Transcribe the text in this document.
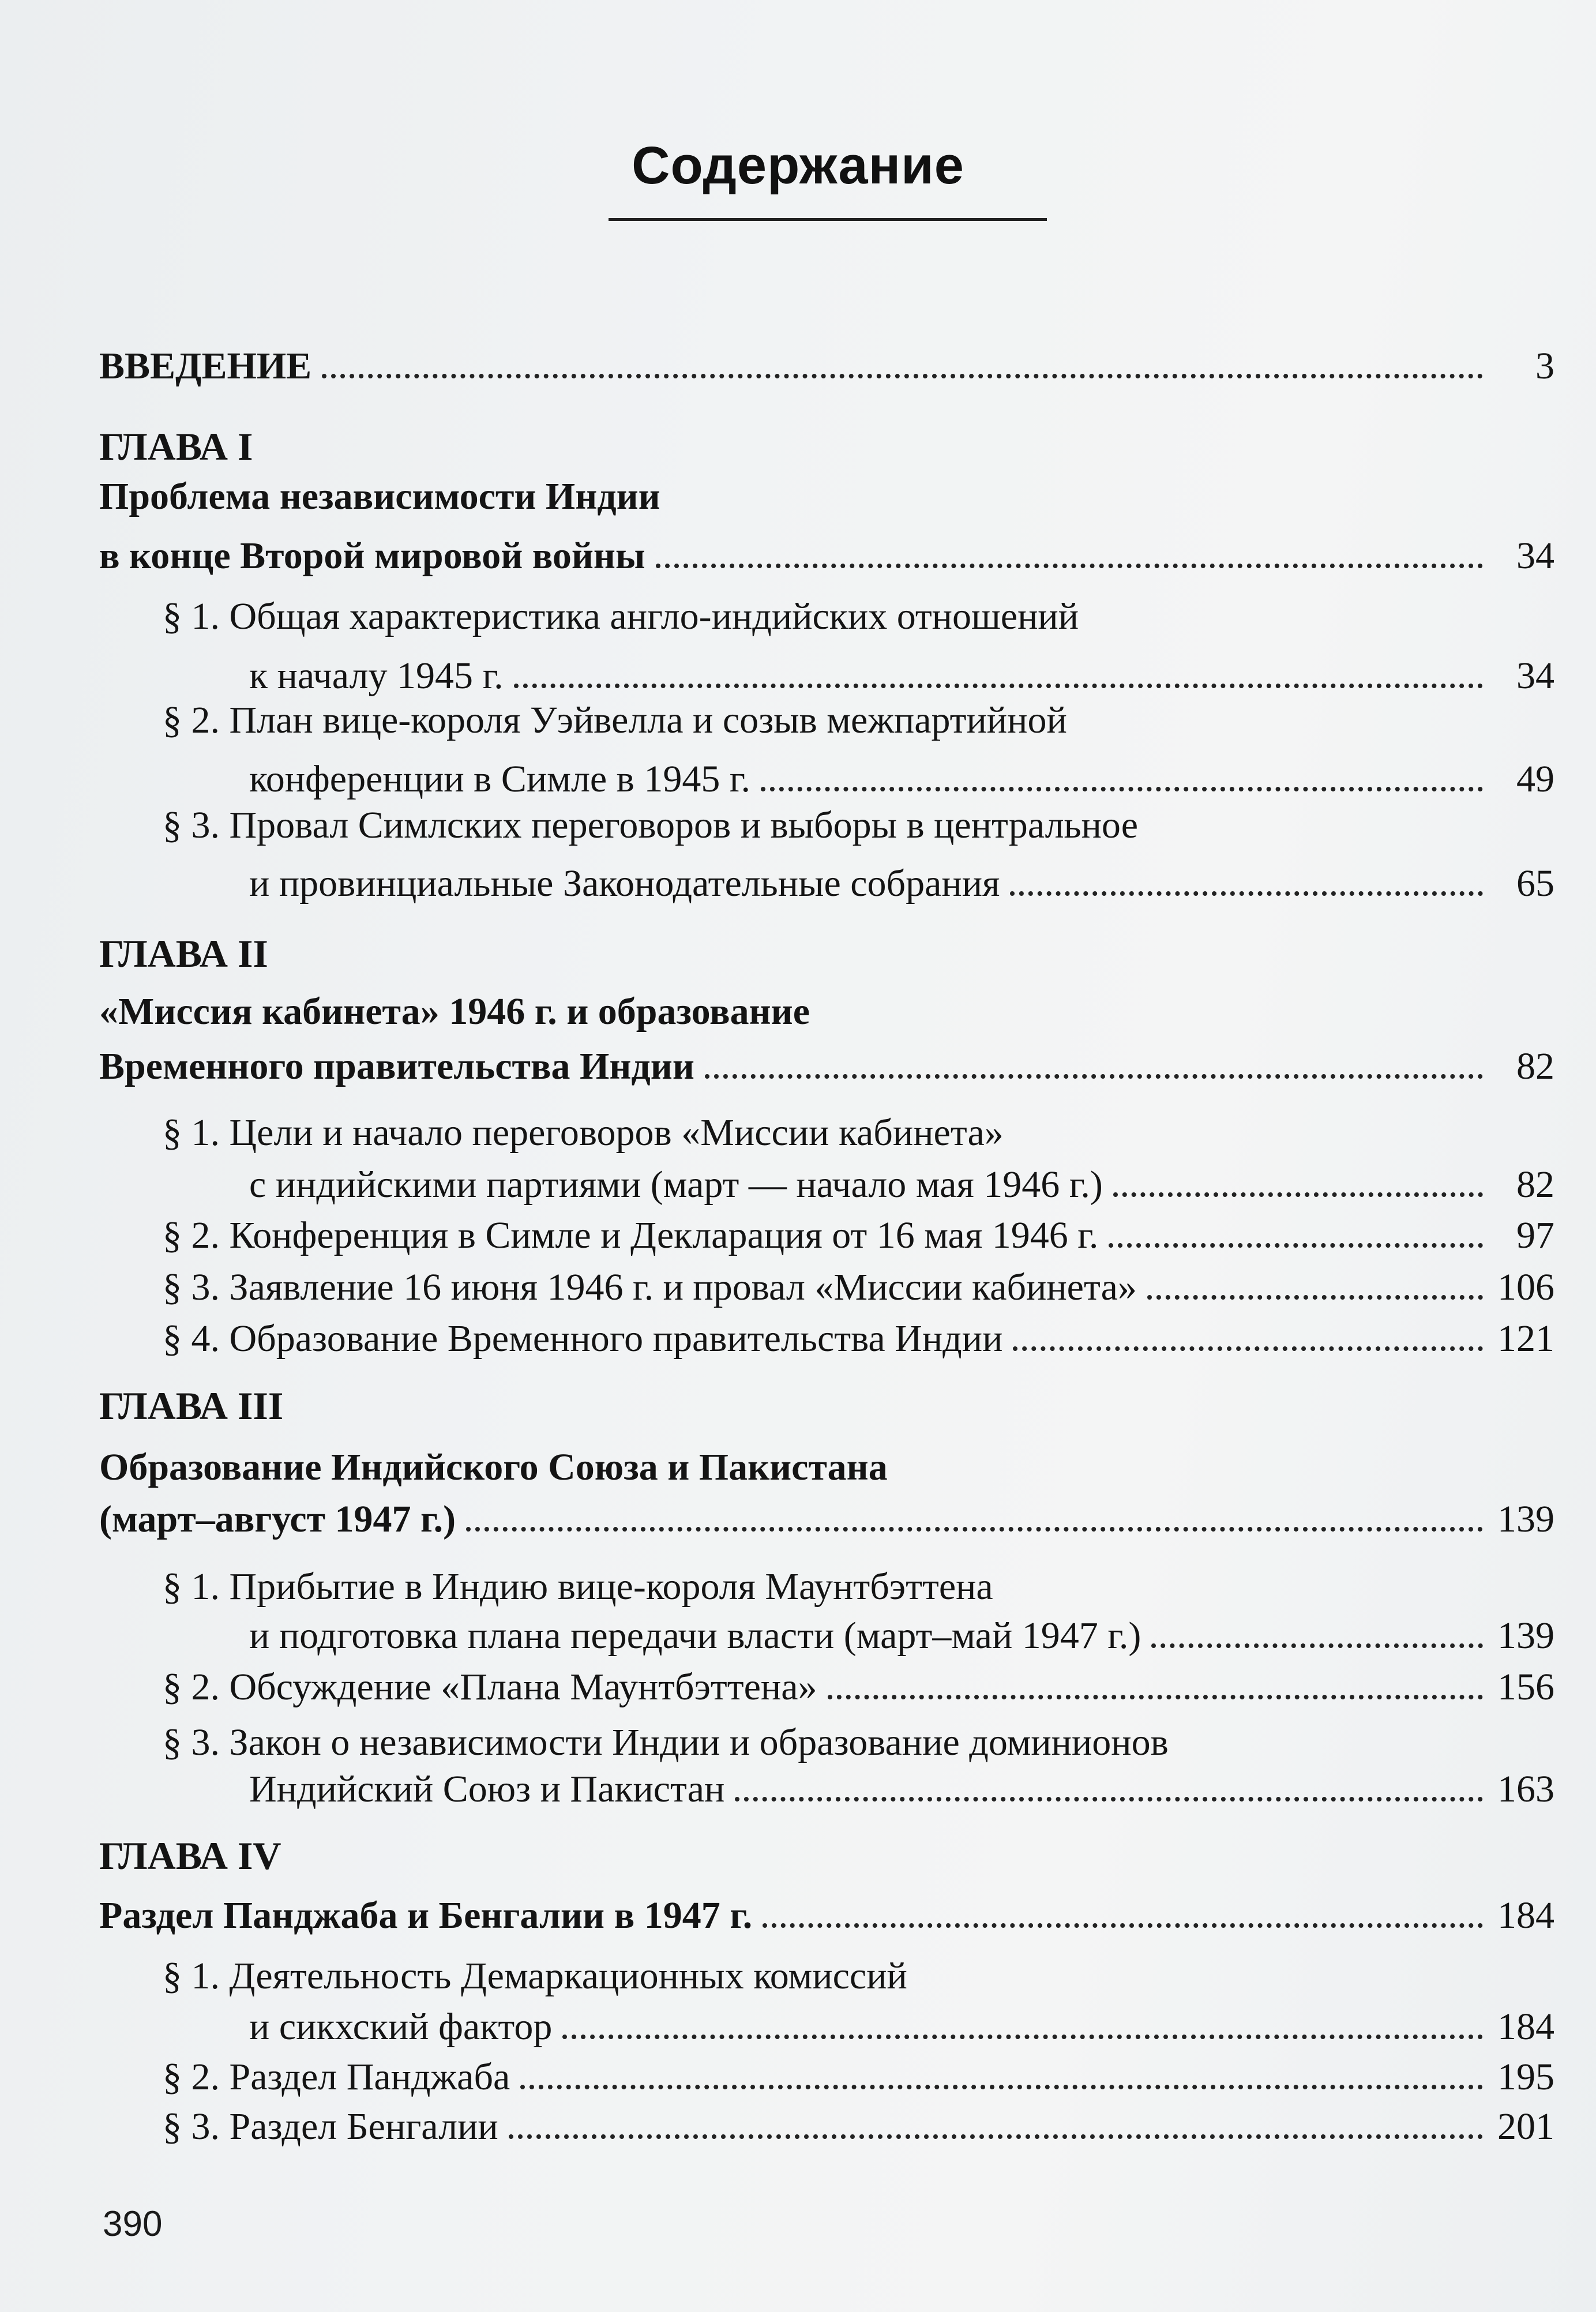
Содержание
ВВЕДЕНИЕ	3
ГЛАВА I
Проблема независимости Индии
в конце Второй мировой войны	34
§ 1. Общая характеристика англо-индийских отношений
к началу 1945 г.	34
§ 2. План вице-короля Уэйвелла и созыв межпартийной
конференции в Симле в 1945 г.	49
§ 3. Провал Симлских переговоров и выборы в центральное
и провинциальные Законодательные собрания	65
ГЛАВА II
«Миссия кабинета» 1946 г. и образование
Временного правительства Индии	82
§ 1. Цели и начало переговоров «Миссии кабинета»
с индийскими партиями (март — начало мая 1946 г.)	82
§ 2. Конференция в Симле и Декларация от 16 мая 1946 г.	97
§ 3. Заявление 16 июня 1946 г. и провал «Миссии кабинета»	106
§ 4. Образование Временного правительства Индии	121
ГЛАВА III
Образование Индийского Союза и Пакистана
(март–август 1947 г.)	139
§ 1. Прибытие в Индию вице-короля Маунтбэттена
и подготовка плана передачи власти (март–май 1947 г.)	139
§ 2. Обсуждение «Плана Маунтбэттена»	156
§ 3. Закон о независимости Индии и образование доминионов
Индийский Союз и Пакистан	163
ГЛАВА IV
Раздел Панджаба и Бенгалии в 1947 г.	184
§ 1. Деятельность Демаркационных комиссий
и сикхский фактор	184
§ 2. Раздел Панджаба	195
§ 3. Раздел Бенгалии	201
390
